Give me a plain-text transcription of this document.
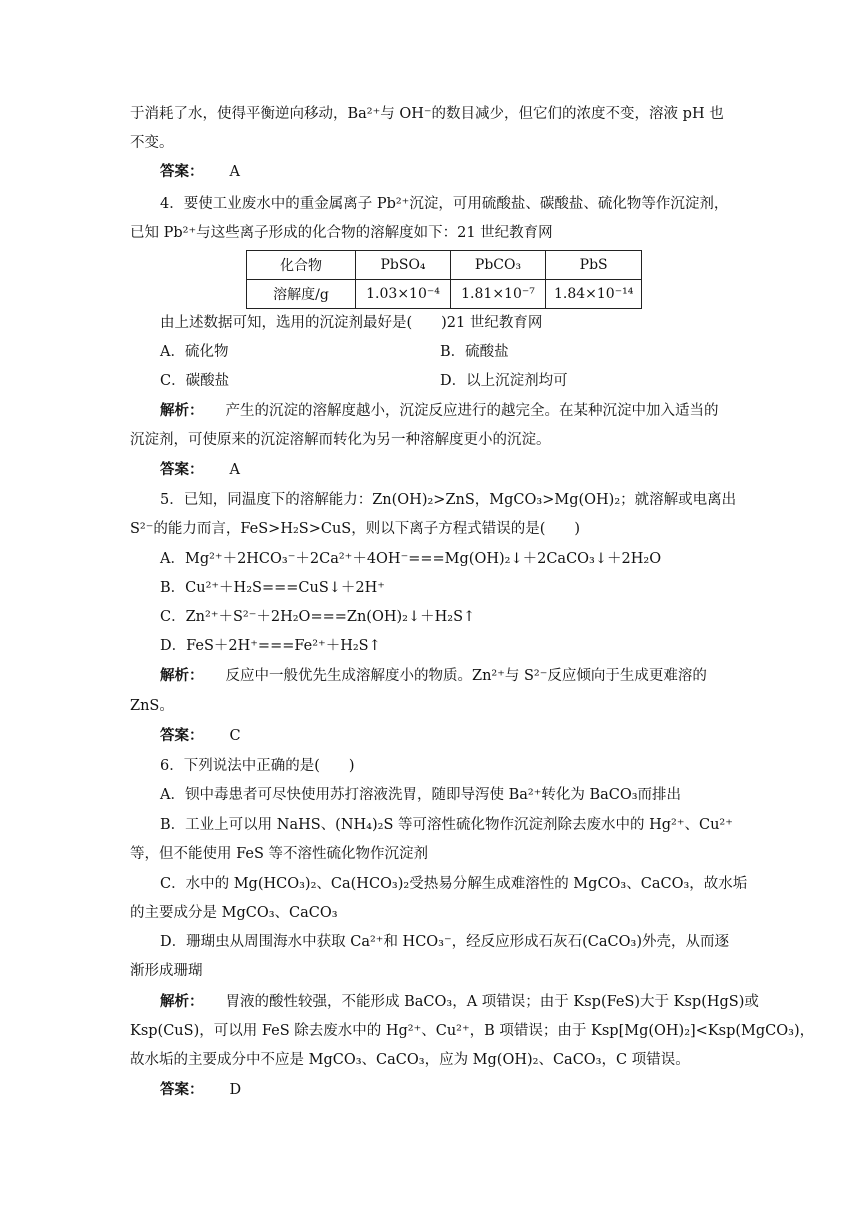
于消耗了水，使得平衡逆向移动，Ba²⁺与 OH⁻的数目减少，但它们的浓度不变，溶液 pH 也
不变。
答案： A
4．要使工业废水中的重金属离子 Pb²⁺沉淀，可用硫酸盐、碳酸盐、硫化物等作沉淀剂，
已知 Pb²⁺与这些离子形成的化合物的溶解度如下：21 世纪教育网
化合物	PbSO₄	PbCO₃	PbS
溶解度/g	1.03×10⁻⁴	1.81×10⁻⁷	1.84×10⁻¹⁴
由上述数据可知，选用的沉淀剂最好是(　　)21 世纪教育网
A．硫化物	B．硫酸盐
C．碳酸盐	D．以上沉淀剂均可
解析： 产生的沉淀的溶解度越小，沉淀反应进行的越完全。在某种沉淀中加入适当的
沉淀剂，可使原来的沉淀溶解而转化为另一种溶解度更小的沉淀。
答案： A
5．已知，同温度下的溶解能力：Zn(OH)₂>ZnS，MgCO₃>Mg(OH)₂；就溶解或电离出
S²⁻的能力而言，FeS>H₂S>CuS，则以下离子方程式错误的是(　　)
A．Mg²⁺＋2HCO₃⁻＋2Ca²⁺＋4OH⁻===Mg(OH)₂↓＋2CaCO₃↓＋2H₂O
B．Cu²⁺＋H₂S===CuS↓＋2H⁺
C．Zn²⁺＋S²⁻＋2H₂O===Zn(OH)₂↓＋H₂S↑
D．FeS＋2H⁺===Fe²⁺＋H₂S↑
解析： 反应中一般优先生成溶解度小的物质。Zn²⁺与 S²⁻反应倾向于生成更难溶的
ZnS。
答案： C
6．下列说法中正确的是(　　)
A．钡中毒患者可尽快使用苏打溶液洗胃，随即导泻使 Ba²⁺转化为 BaCO₃而排出
B．工业上可以用 NaHS、(NH₄)₂S 等可溶性硫化物作沉淀剂除去废水中的 Hg²⁺、Cu²⁺
等，但不能使用 FeS 等不溶性硫化物作沉淀剂
C．水中的 Mg(HCO₃)₂、Ca(HCO₃)₂受热易分解生成难溶性的 MgCO₃、CaCO₃，故水垢
的主要成分是 MgCO₃、CaCO₃
D．珊瑚虫从周围海水中获取 Ca²⁺和 HCO₃⁻，经反应形成石灰石(CaCO₃)外壳，从而逐
渐形成珊瑚
解析： 胃液的酸性较强，不能形成 BaCO₃，A 项错误；由于 Ksp(FeS)大于 Ksp(HgS)或
Ksp(CuS)，可以用 FeS 除去废水中的 Hg²⁺、Cu²⁺，B 项错误；由于 Ksp[Mg(OH)₂]<Ksp(MgCO₃)，
故水垢的主要成分中不应是 MgCO₃、CaCO₃，应为 Mg(OH)₂、CaCO₃，C 项错误。
答案： D
